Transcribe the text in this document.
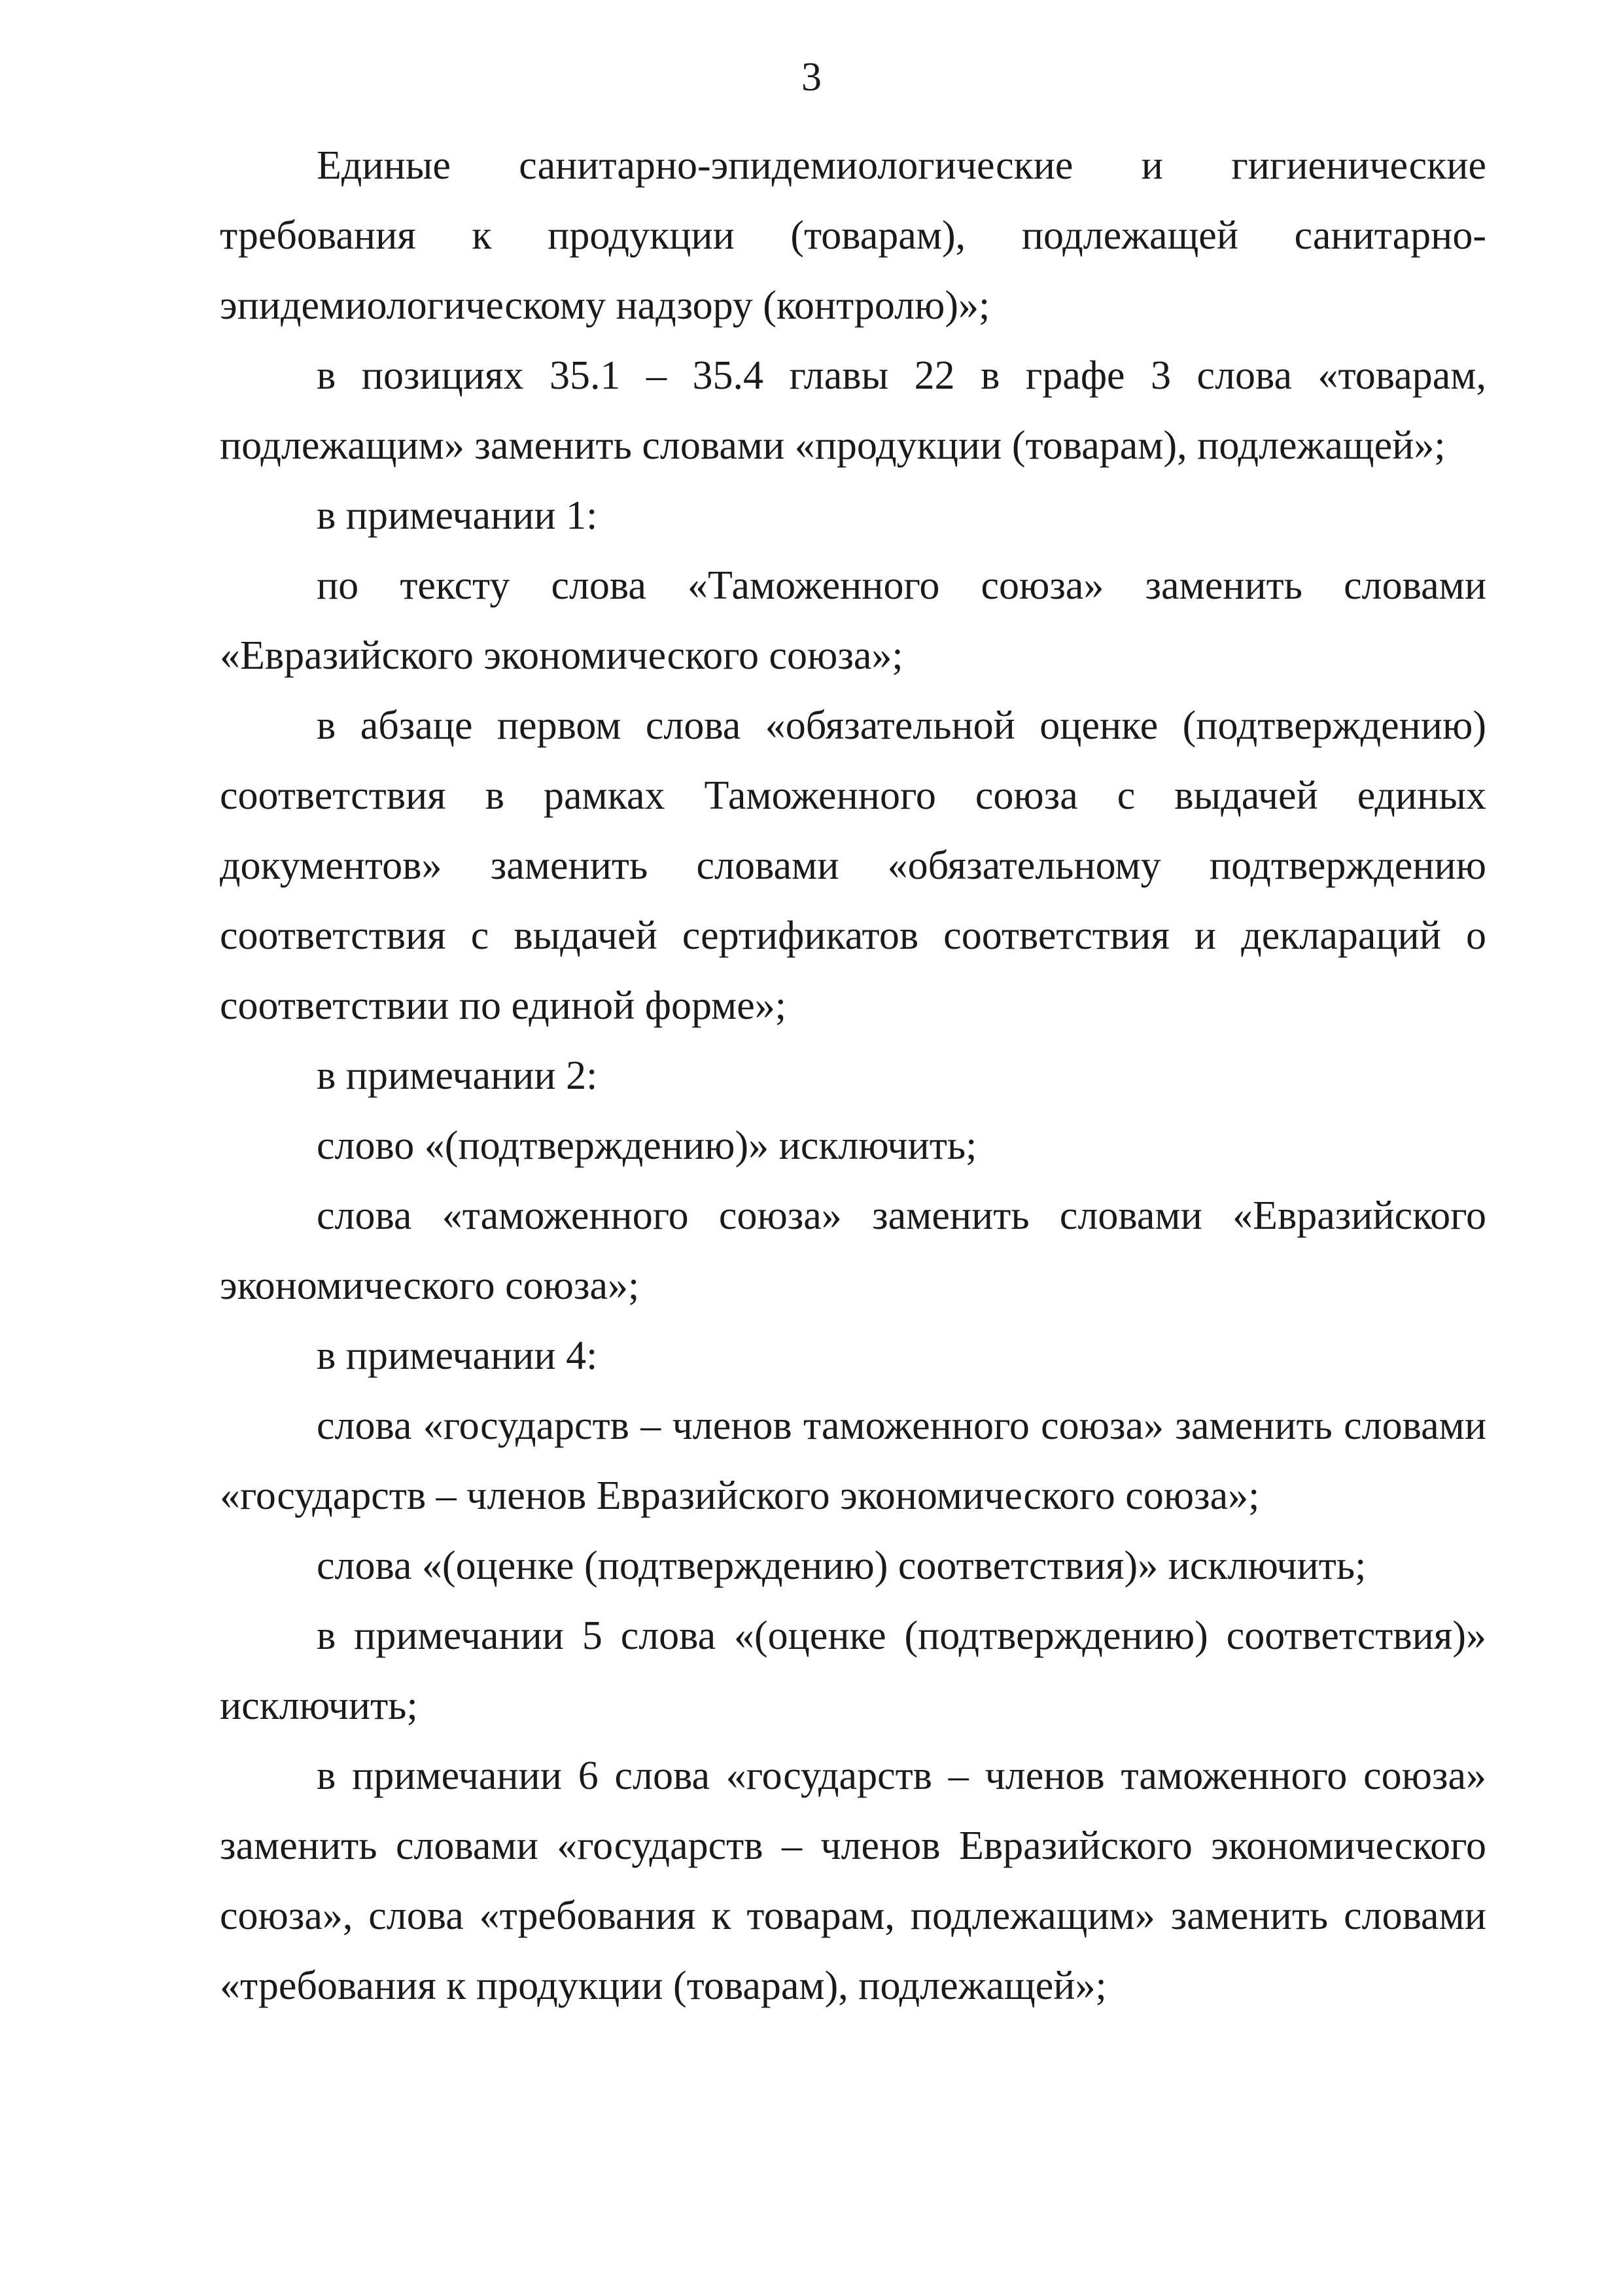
3

Единые санитарно-эпидемиологические и гигиенические требования к продукции (товарам), подлежащей санитарно-эпидемиологическому надзору (контролю)»;

в позициях 35.1 – 35.4 главы 22 в графе 3 слова «товарам, подлежащим» заменить словами «продукции (товарам), подлежащей»;

в примечании 1:

по тексту слова «Таможенного союза» заменить словами «Евразийского экономического союза»;

в абзаце первом слова «обязательной оценке (подтверждению) соответствия в рамках Таможенного союза с выдачей единых документов» заменить словами «обязательному подтверждению соответствия с выдачей сертификатов соответствия и деклараций о соответствии по единой форме»;

в примечании 2:

слово «(подтверждению)» исключить;

слова «таможенного союза» заменить словами «Евразийского экономического союза»;

в примечании 4:

слова «государств – членов таможенного союза» заменить словами «государств – членов Евразийского экономического союза»;

слова «(оценке (подтверждению) соответствия)» исключить;

в примечании 5 слова «(оценке (подтверждению) соответствия)» исключить;

в примечании 6 слова «государств – членов таможенного союза» заменить словами «государств – членов Евразийского экономического союза», слова «требования к товарам, подлежащим» заменить словами «требования к продукции (товарам), подлежащей»;
